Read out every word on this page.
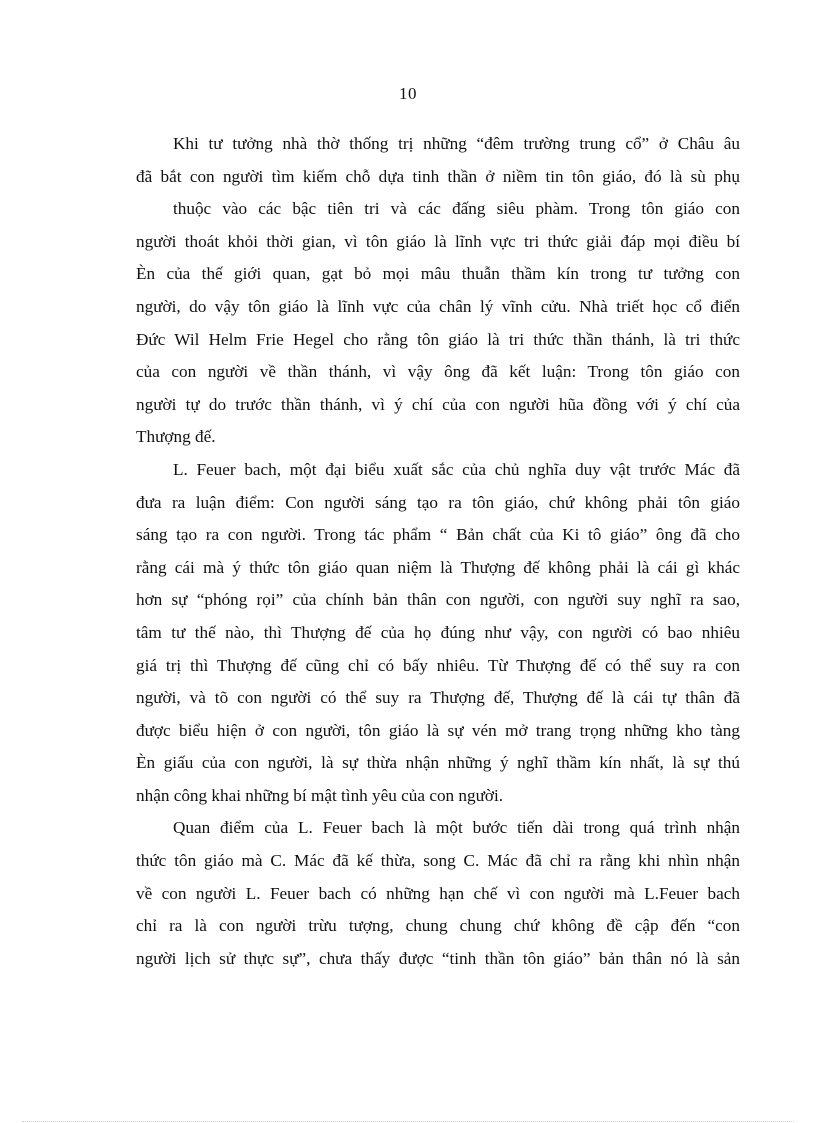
10
Khi tư tưởng nhà thờ thống trị những “đêm trường trung cổ” ở Châu âu
đã bắt con người tìm kiếm chỗ dựa tinh thần ở niềm tin tôn giáo, đó là sù phụ
thuộc vào các bậc tiên tri và các đấng siêu phàm. Trong tôn giáo con
người thoát khỏi thời gian, vì tôn giáo là lĩnh vực tri thức giải đáp mọi điều bí
Èn của thế giới quan, gạt bỏ mọi mâu thuẫn thầm kín trong tư tưởng con
người, do vậy tôn giáo là lĩnh vực của chân lý vĩnh cửu. Nhà triết học cổ điển
Đức Wil Helm Frie Hegel cho rằng tôn giáo là tri thức thần thánh, là tri thức
của con người về thần thánh, vì vậy ông đã kết luận: Trong tôn giáo con
người tự do trước thần thánh, vì ý chí của con người hũa đồng với ý chí của
Thượng đế.
L. Feuer bach, một đại biểu xuất sắc của chủ nghĩa duy vật trước Mác đã
đưa ra luận điểm: Con người sáng tạo ra tôn giáo, chứ không phải tôn giáo
sáng tạo ra con người. Trong tác phẩm “ Bản chất của Ki tô giáo” ông đã cho
rằng cái mà ý thức tôn giáo quan niệm là Thượng đế không phải là cái gì khác
hơn sự “phóng rọi” của chính bản thân con người, con người suy nghĩ ra sao,
tâm tư thế nào, thì Thượng đế của họ đúng như vậy, con người có bao nhiêu
giá trị thì Thượng đế cũng chỉ có bấy nhiêu. Từ Thượng đế có thể suy ra con
người, và tõ con người có thể suy ra Thượng đế, Thượng đế là cái tự thân đã
được biểu hiện ở con người, tôn giáo là sự vén mở trang trọng những kho tàng
Èn giấu của con người, là sự thừa nhận những ý nghĩ thầm kín nhất, là sự thú
nhận công khai những bí mật tình yêu của con người.
Quan điểm của L. Feuer bach là một bước tiến dài trong quá trình nhận
thức tôn giáo mà C. Mác đã kế thừa, song C. Mác đã chỉ ra rằng khi nhìn nhận
về con người L. Feuer bach có những hạn chế vì con người mà L.Feuer bach
chỉ ra là con người trừu tượng, chung chung chứ không đề cập đến “con
người lịch sử thực sự”, chưa thấy được “tinh thần tôn giáo” bản thân nó là sản
